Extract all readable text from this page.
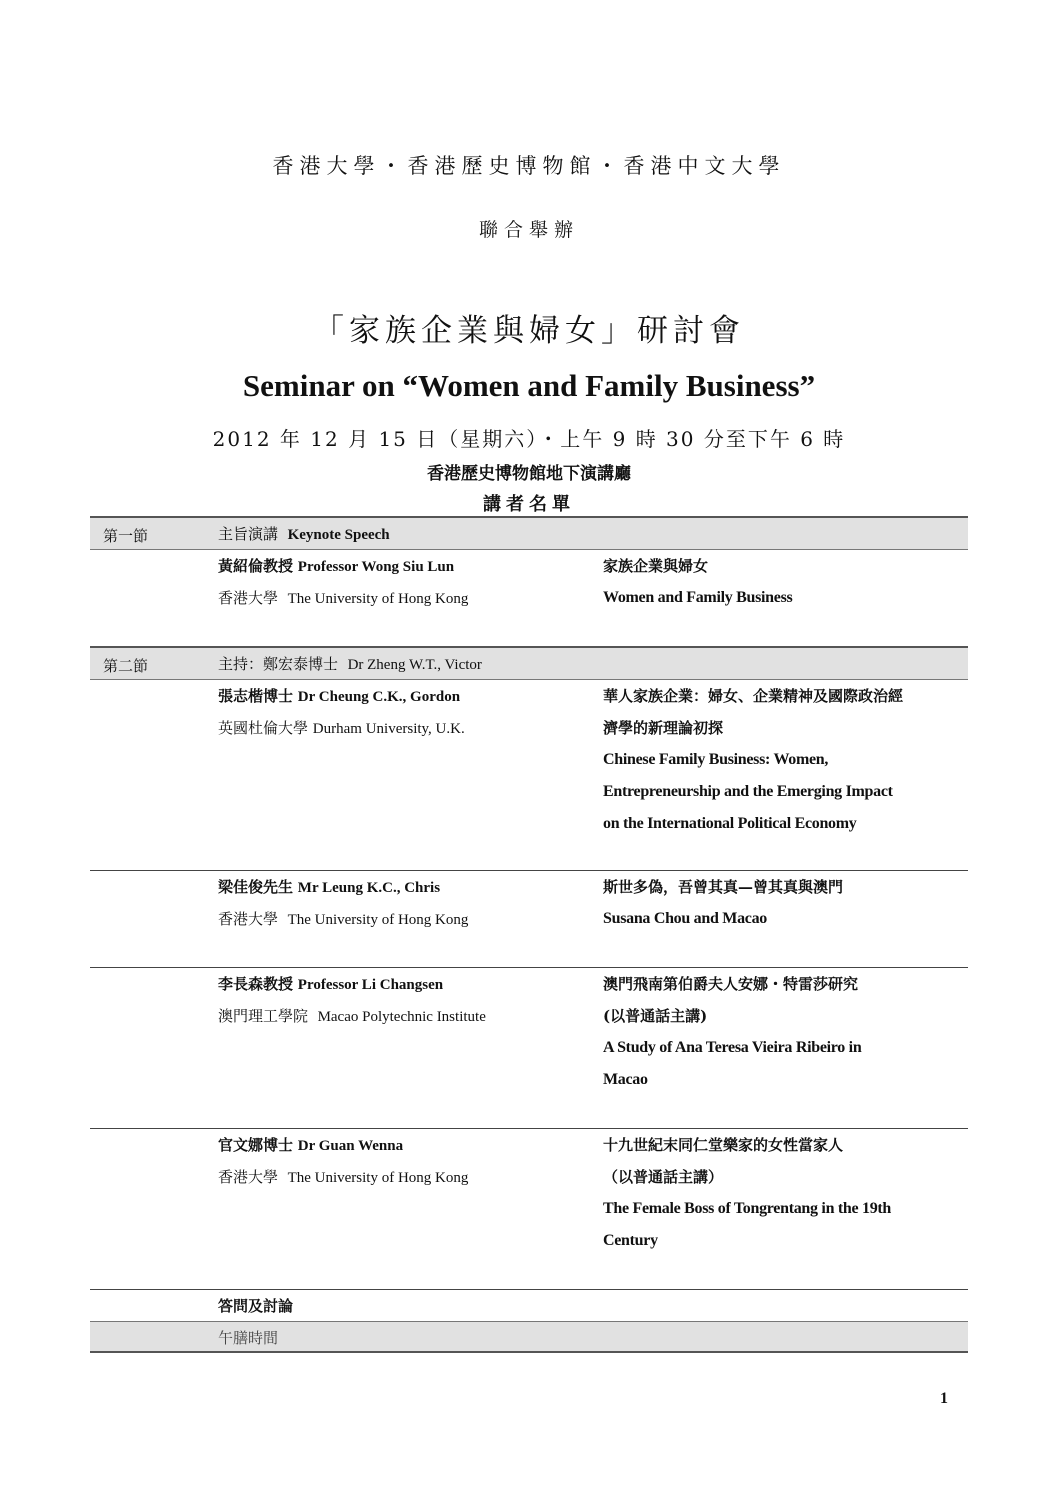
香港大學・香港歷史博物館・香港中文大學
聯合舉辦
「家族企業與婦女」研討會
Seminar on “Women and Family Business”
2012 年 12 月 15 日（星期六）・上午 9 時 30 分至下午 6 時
香港歷史博物館地下演講廳
講者名單
第一節	主旨演講 Keynote Speech
黃紹倫教授 Professor Wong Siu Lun
香港大學 The University of Hong Kong
家族企業與婦女
Women and Family Business
第二節	主持：鄭宏泰博士 Dr Zheng W.T., Victor
張志楷博士 Dr Cheung C.K., Gordon
英國杜倫大學 Durham University, U.K.
華人家族企業：婦女、企業精神及國際政治經
濟學的新理論初探
Chinese Family Business: Women,
Entrepreneurship and the Emerging Impact
on the International Political Economy
梁佳俊先生 Mr Leung K.C., Chris
香港大學 The University of Hong Kong
斯世多偽，吾曾其真—曾其真與澳門
Susana Chou and Macao
李長森教授 Professor Li Changsen
澳門理工學院 Macao Polytechnic Institute
澳門飛南第伯爵夫人安娜・特雷莎研究
(以普通話主講)
A Study of Ana Teresa Vieira Ribeiro in
Macao
官文娜博士 Dr Guan Wenna
香港大學 The University of Hong Kong
十九世紀末同仁堂樂家的女性當家人
（以普通話主講）
The Female Boss of Tongrentang in the 19th
Century
答問及討論
午膳時間
1
